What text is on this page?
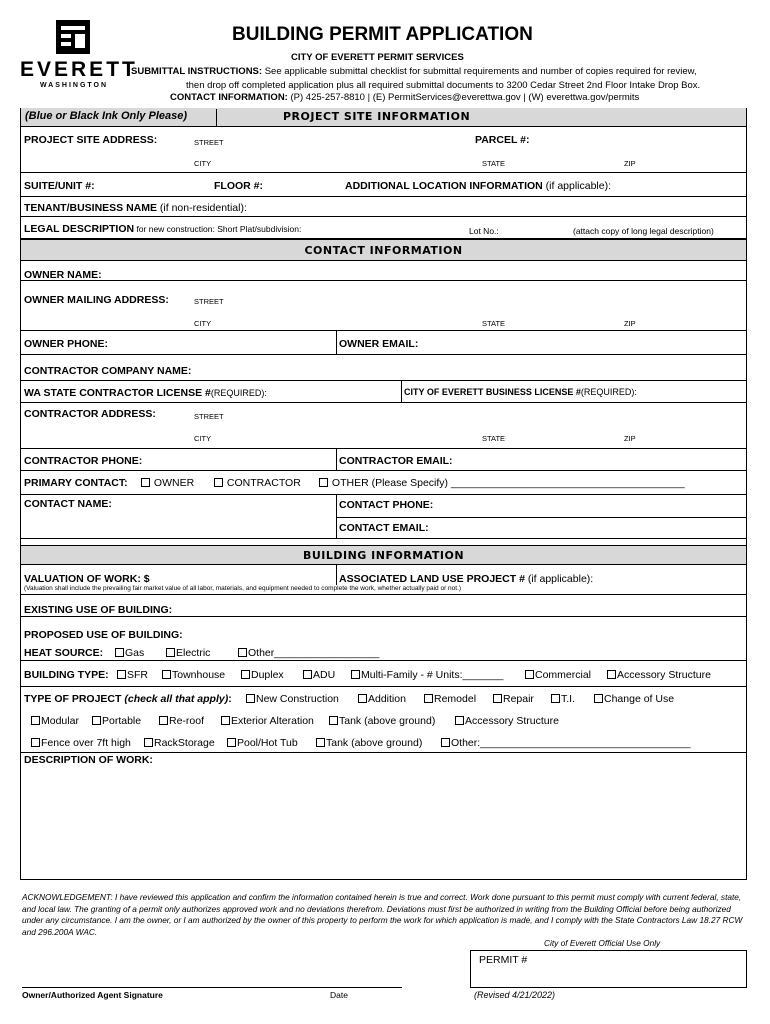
EVERETT
WASHINGTON
BUILDING PERMIT APPLICATION
CITY OF EVERETT PERMIT SERVICES
SUBMITTAL INSTRUCTIONS: See applicable submittal checklist for submittal requirements and number of copies required for review,
then drop off completed application plus all required submittal documents to 3200 Cedar Street 2nd Floor Intake Drop Box.
CONTACT INFORMATION: (P) 425-257-8810 | (E) PermitServices@everettwa.gov | (W) everettwa.gov/permits
(Blue or Black Ink Only Please)	PROJECT SITE INFORMATION
PROJECT SITE ADDRESS:	STREET	PARCEL #:
CITY	STATE	ZIP
SUITE/UNIT #:	FLOOR #:	ADDITIONAL LOCATION INFORMATION (if applicable):
TENANT/BUSINESS NAME (if non-residential):
LEGAL DESCRIPTION for new construction: Short Plat/subdivision:	Lot No.:	(attach copy of long legal description)
CONTACT INFORMATION
OWNER NAME:
OWNER MAILING ADDRESS:	STREET
CITY	STATE	ZIP
OWNER PHONE:	OWNER EMAIL:
CONTRACTOR COMPANY NAME:
WA STATE CONTRACTOR LICENSE #(REQUIRED):	CITY OF EVERETT BUSINESS LICENSE #(REQUIRED):
CONTRACTOR ADDRESS:	STREET
CITY	STATE	ZIP
CONTRACTOR PHONE:	CONTRACTOR EMAIL:
PRIMARY CONTACT:	OWNER	CONTRACTOR	OTHER (Please Specify) ________________________________________
CONTACT NAME:	CONTACT PHONE:
CONTACT EMAIL:
BUILDING INFORMATION
VALUATION OF WORK: $	ASSOCIATED LAND USE PROJECT # (if applicable):
(Valuation shall include the prevailing fair market value of all labor, materials, and equipment needed to complete the work, whether actually paid or not.)
EXISTING USE OF BUILDING:
PROPOSED USE OF BUILDING:
HEAT SOURCE:	Gas	Electric	Other__________________
BUILDING TYPE:	SFR	Townhouse	Duplex	ADU	Multi-Family - # Units:_______	Commercial	Accessory Structure
TYPE OF PROJECT (check all that apply):	New Construction	Addition	Remodel	Repair	T.I.	Change of Use
Modular	Portable	Re-roof	Exterior Alteration	Tank (above ground)	Accessory Structure
Fence over 7ft high	RackStorage	Pool/Hot Tub	Tank (above ground)	Other:____________________________________
DESCRIPTION OF WORK:
ACKNOWLEDGEMENT: I have reviewed this application and confirm the information contained herein is true and correct. Work done pursuant to this permit must comply with current federal, state, and local law. The granting of a permit only authorizes approved work and no deviations therefrom. Deviations must first be authorized in writing from the Building Official before being authorized under any circumstance. I am the owner, or I am authorized by the owner of this property to perform the work for which application is made, and I comply with the State Contractors Law 18.27 RCW and 296.200A WAC.
City of Everett Official Use Only
PERMIT #
Owner/Authorized Agent Signature	Date	(Revised 4/21/2022)
